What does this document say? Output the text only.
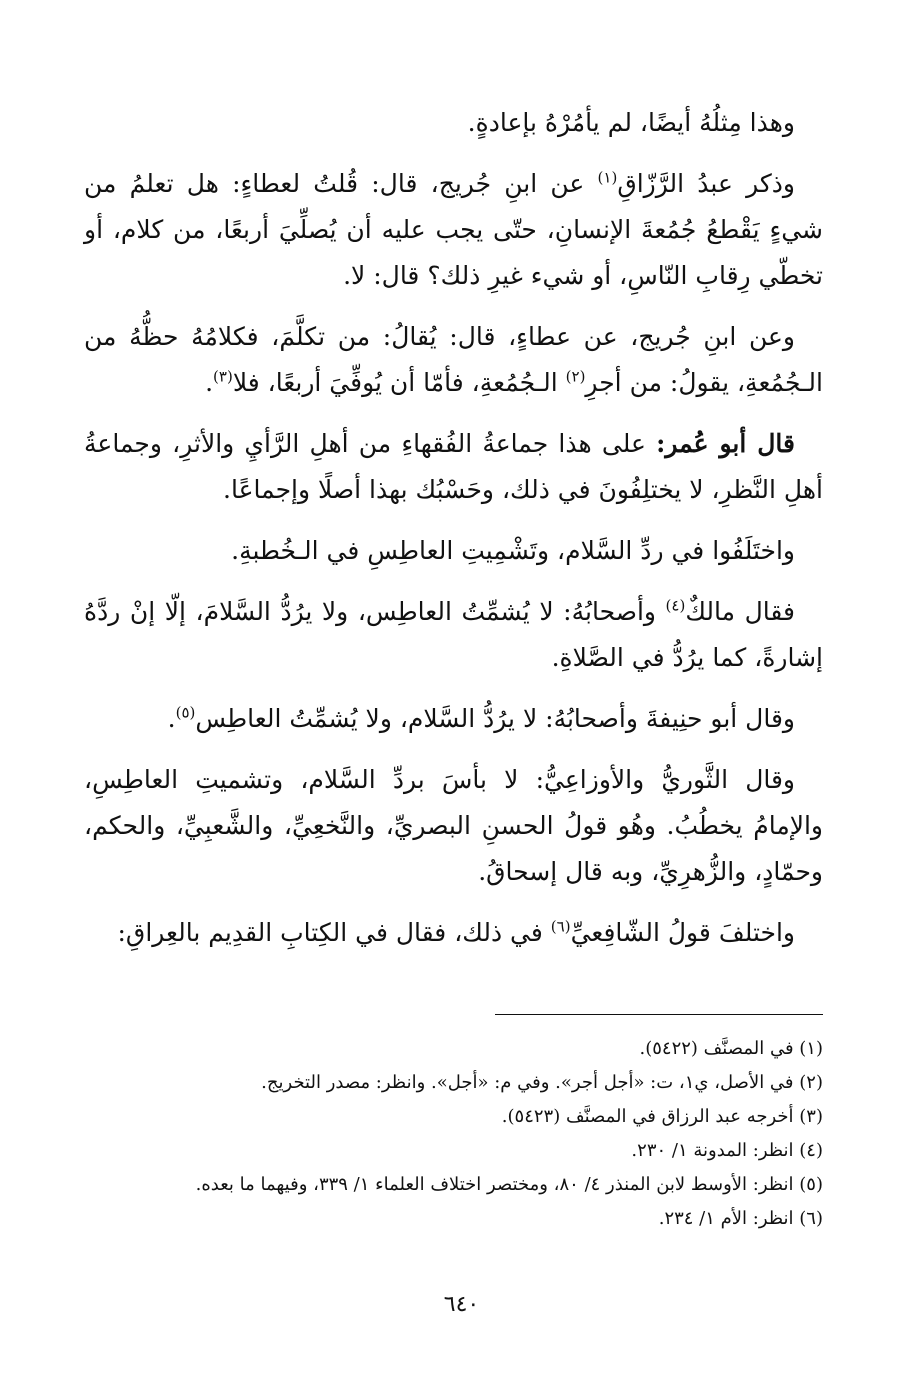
وهذا مِثلُهُ أيضًا، لم يأمُرْهُ بإعادةٍ.

وذكر عبدُ الرَّزّاقِ$^{(١)}$ عن ابنِ جُريج، قال: قُلتُ لعطاءٍ: هل تعلمُ من شيءٍ يَقْطعُ جُمُعةَ الإنسانِ، حتّى يجب عليه أن يُصلِّيَ أربعًا، من كلام، أو تخطّي رِقابِ النّاسِ، أو شيء غيرِ ذلك؟ قال: لا.

وعن ابنِ جُريج، عن عطاءٍ، قال: يُقالُ: من تكلَّمَ، فكلامُهُ حظُّهُ من الـجُمُعةِ، يقولُ: من أجرِ$^{(٢)}$ الـجُمُعةِ، فأمّا أن يُوفِّيَ أربعًا، فلا$^{(٣)}$.

قال أبو عُمر: على هذا جماعةُ الفُقهاءِ من أهلِ الرَّأيِ والأثرِ، وجماعةُ أهلِ النَّظرِ، لا يختلِفُونَ في ذلك، وحَسْبُك بهذا أصلًا وإجماعًا.

واختَلَفُوا في ردِّ السَّلام، وتَشْمِيتِ العاطِسِ في الـخُطبةِ.

فقال مالكٌ$^{(٤)}$ وأصحابُهُ: لا يُشمِّتُ العاطِس، ولا يرُدُّ السَّلامَ، إلّا إنْ ردَّهُ إشارةً، كما يرُدُّ في الصَّلاةِ.

وقال أبو حنِيفةَ وأصحابُهُ: لا يرُدُّ السَّلام، ولا يُشمِّتُ العاطِس$^{(٥)}$.

وقال الثَّوريُّ والأوزاعِيُّ: لا بأسَ بردِّ السَّلام، وتشميتِ العاطِسِ، والإمامُ يخطُبُ. وهُو قولُ الحسنِ البصريِّ، والنَّخعِيِّ، والشَّعبِيِّ، والحكم، وحمّادٍ، والزُّهرِيِّ، وبه قال إسحاقُ.

واختلفَ قولُ الشّافِعيِّ$^{(٦)}$ في ذلك، فقال في الكِتابِ القدِيم بالعِراقِ:

(١) في المصنَّف (٥٤٢٢).

(٢) في الأصل، ي١، ت: «أجل أجر». وفي م: «أجل». وانظر: مصدر التخريج.

(٣) أخرجه عبد الرزاق في المصنَّف (٥٤٢٣).

(٤) انظر: المدونة ١/ ٢٣٠.

(٥) انظر: الأوسط لابن المنذر ٤/ ٨٠، ومختصر اختلاف العلماء ١/ ٣٣٩، وفيهما ما بعده.

(٦) انظر: الأم ١/ ٢٣٤.

٦٤٠
